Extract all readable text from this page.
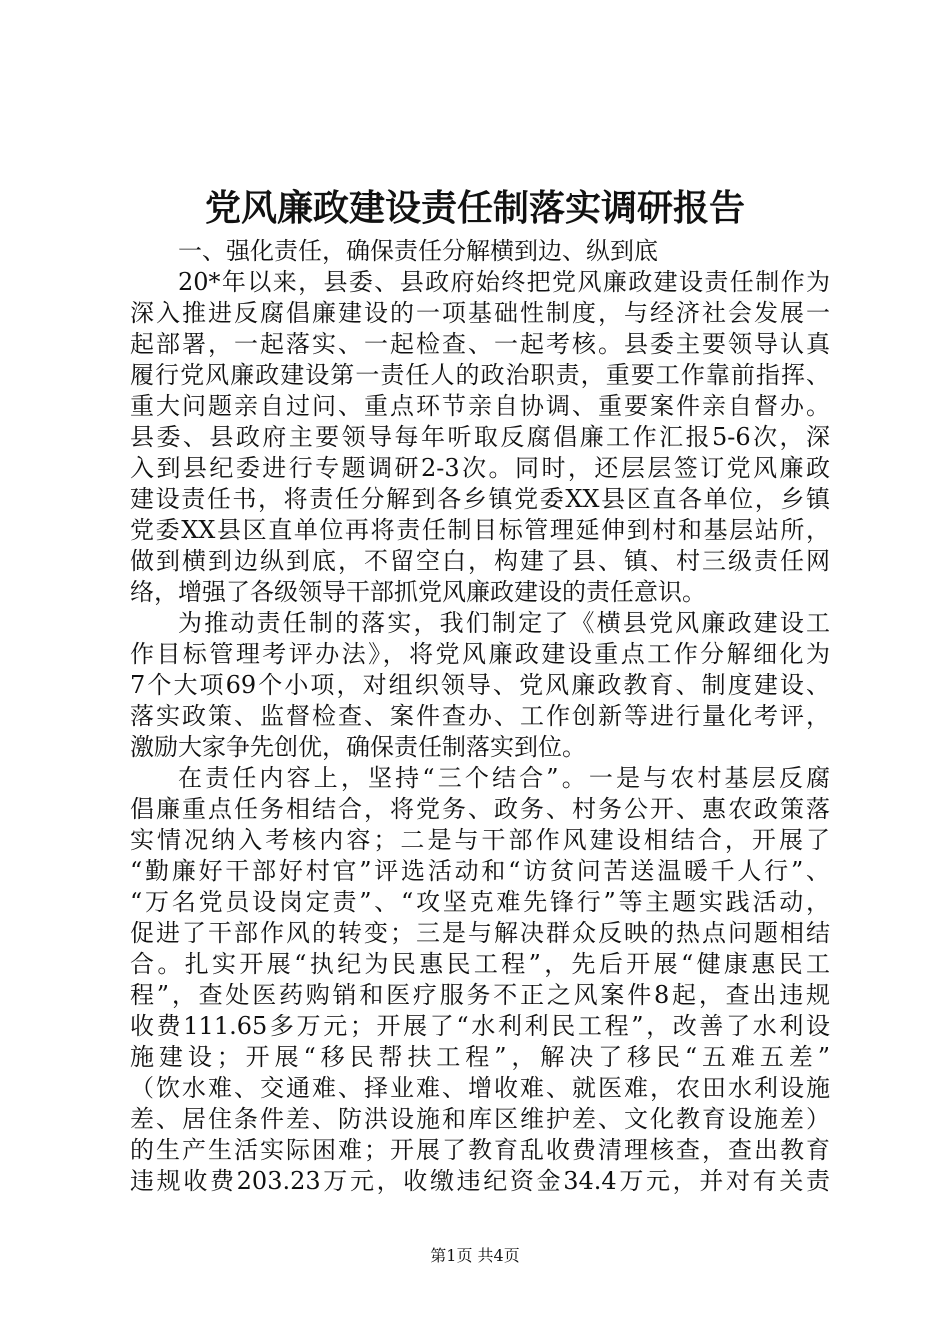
党风廉政建设责任制落实调研报告
一、强化责任，确保责任分解横到边、纵到底
20*年以来，县委、县政府始终把党风廉政建设责任制作为
深入推进反腐倡廉建设的一项基础性制度，与经济社会发展一
起部署，一起落实、一起检查、一起考核。县委主要领导认真
履行党风廉政建设第一责任人的政治职责，重要工作靠前指挥、
重大问题亲自过问、重点环节亲自协调、重要案件亲自督办。
县委、县政府主要领导每年听取反腐倡廉工作汇报5-6次，深
入到县纪委进行专题调研2-3次。同时，还层层签订党风廉政
建设责任书，将责任分解到各乡镇党委XX县区直各单位，乡镇
党委XX县区直单位再将责任制目标管理延伸到村和基层站所，
做到横到边纵到底，不留空白，构建了县、镇、村三级责任网
络，增强了各级领导干部抓党风廉政建设的责任意识。
为推动责任制的落实，我们制定了《横县党风廉政建设工
作目标管理考评办法》，将党风廉政建设重点工作分解细化为
7个大项69个小项，对组织领导、党风廉政教育、制度建设、
落实政策、监督检查、案件查办、工作创新等进行量化考评，
激励大家争先创优，确保责任制落实到位。
在责任内容上，坚持“三个结合”。一是与农村基层反腐
倡廉重点任务相结合，将党务、政务、村务公开、惠农政策落
实情况纳入考核内容；二是与干部作风建设相结合，开展了
“勤廉好干部好村官”评选活动和“访贫问苦送温暖千人行”、
“万名党员设岗定责”、“攻坚克难先锋行”等主题实践活动，
促进了干部作风的转变；三是与解决群众反映的热点问题相结
合。扎实开展“执纪为民惠民工程”，先后开展“健康惠民工
程”，查处医药购销和医疗服务不正之风案件8起，查出违规
收费111.65多万元；开展了“水利利民工程”，改善了水利设
施建设；开展“移民帮扶工程”，解决了移民“五难五差”
（饮水难、交通难、择业难、增收难、就医难，农田水利设施
差、居住条件差、防洪设施和库区维护差、文化教育设施差）
的生产生活实际困难；开展了教育乱收费清理核查，查出教育
违规收费203.23万元，收缴违纪资金34.4万元，并对有关责
第1页 共4页
